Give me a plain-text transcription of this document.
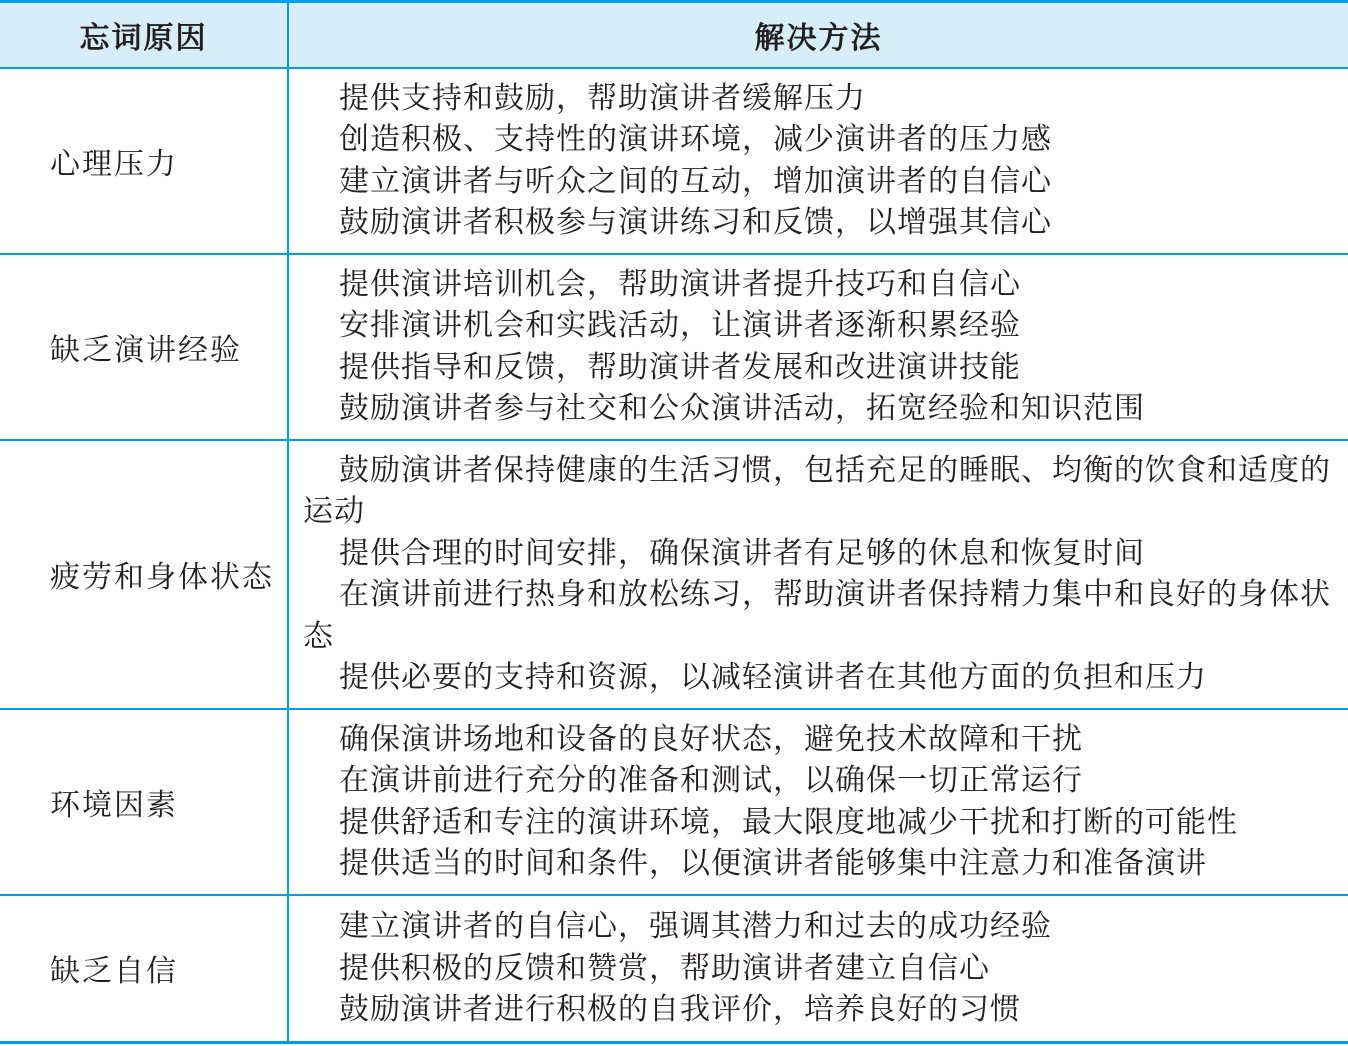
忘词原因	解决方法
心理压力
提供支持和鼓励，帮助演讲者缓解压力
创造积极、支持性的演讲环境，减少演讲者的压力感
建立演讲者与听众之间的互动，增加演讲者的自信心
鼓励演讲者积极参与演讲练习和反馈，以增强其信心
缺乏演讲经验
提供演讲培训机会，帮助演讲者提升技巧和自信心
安排演讲机会和实践活动，让演讲者逐渐积累经验
提供指导和反馈，帮助演讲者发展和改进演讲技能
鼓励演讲者参与社交和公众演讲活动，拓宽经验和知识范围
疲劳和身体状态
鼓励演讲者保持健康的生活习惯，包括充足的睡眠、均衡的饮食和适度的运动
提供合理的时间安排，确保演讲者有足够的休息和恢复时间
在演讲前进行热身和放松练习，帮助演讲者保持精力集中和良好的身体状态
提供必要的支持和资源，以减轻演讲者在其他方面的负担和压力
环境因素
确保演讲场地和设备的良好状态，避免技术故障和干扰
在演讲前进行充分的准备和测试，以确保一切正常运行
提供舒适和专注的演讲环境，最大限度地减少干扰和打断的可能性
提供适当的时间和条件，以便演讲者能够集中注意力和准备演讲
缺乏自信
建立演讲者的自信心，强调其潜力和过去的成功经验
提供积极的反馈和赞赏，帮助演讲者建立自信心
鼓励演讲者进行积极的自我评价，培养良好的习惯
